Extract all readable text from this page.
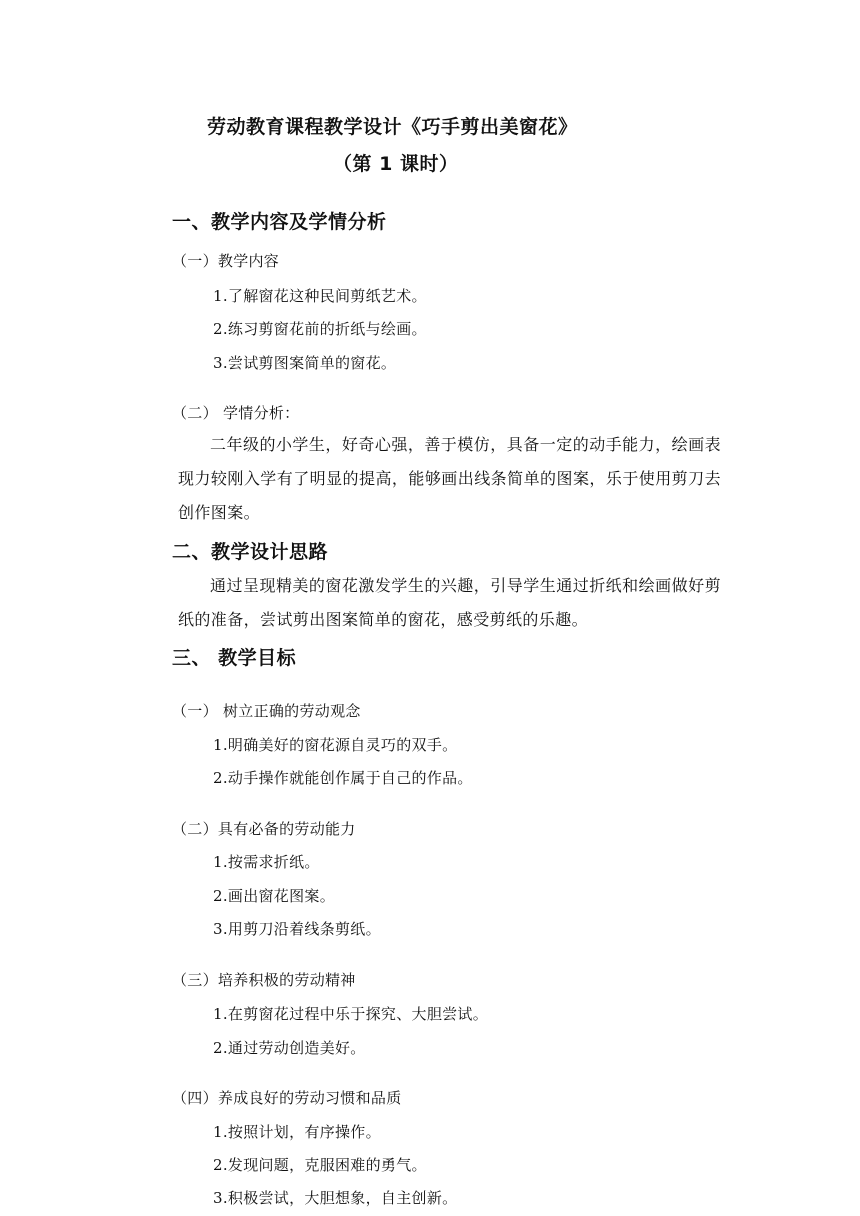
劳动教育课程教学设计《巧手剪出美窗花》
（第 1 课时）
一、教学内容及学情分析
（一）教学内容
1.了解窗花这种民间剪纸艺术。
2.练习剪窗花前的折纸与绘画。
3.尝试剪图案简单的窗花。
（二） 学情分析：
二年级的小学生，好奇心强，善于模仿，具备一定的动手能力，绘画表现力较刚入学有了明显的提高，能够画出线条简单的图案，乐于使用剪刀去创作图案。
二、教学设计思路
通过呈现精美的窗花激发学生的兴趣，引导学生通过折纸和绘画做好剪纸的准备，尝试剪出图案简单的窗花，感受剪纸的乐趣。
三、 教学目标
（一） 树立正确的劳动观念
1.明确美好的窗花源自灵巧的双手。
2.动手操作就能创作属于自己的作品。
（二）具有必备的劳动能力
1.按需求折纸。
2.画出窗花图案。
3.用剪刀沿着线条剪纸。
（三）培养积极的劳动精神
1.在剪窗花过程中乐于探究、大胆尝试。
2.通过劳动创造美好。
（四）养成良好的劳动习惯和品质
1.按照计划，有序操作。
2.发现问题，克服困难的勇气。
3.积极尝试，大胆想象，自主创新。
